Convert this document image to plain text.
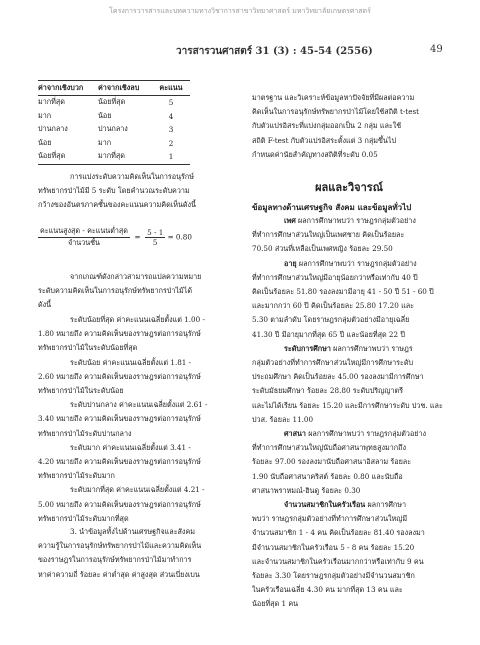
โครงการวารสารและบทความทางวิชาการสาขาวิทยาศาสตร์ มหาวิทยาลัยเกษตรศาสตร์
วารสารวนศาสตร์ 31 (3) : 45-54 (2556)	49
ค่าจากเชิงบวก	ค่าจากเชิงลบ	คะแนน
มากที่สุด	น้อยที่สุด	5
มาก	น้อย	4
ปานกลาง	ปานกลาง	3
น้อย	มาก	2
น้อยที่สุด	มากที่สุด	1
การแบ่งระดับความคิดเห็นในการอนุรักษ์
ทรัพยากรป่าไม้มี 5 ระดับ โดยคำนวณระดับความ
กว้างของอันตรภาคชั้นของคะแนนความคิดเห็นดังนี้
$\frac{\text{คะแนนสูงสุด - คะแนนต่ำสุด}}{\text{จำนวนชั้น}} = \frac{5 - 1}{5} = 0.80$
จากเกณฑ์ดังกล่าวสามารถแปลความหมาย
ระดับความคิดเห็นในการอนุรักษ์ทรัพยากรป่าไม้ได้
ดังนี้
ระดับน้อยที่สุด ค่าคะแนนเฉลี่ยตั้งแต่ 1.00 -
1.80 หมายถึง ความคิดเห็นของราษฎรต่อการอนุรักษ์
ทรัพยากรป่าไม้ในระดับน้อยที่สุด
ระดับน้อย ค่าคะแนนเฉลี่ยตั้งแต่ 1.81 -
2.60 หมายถึง ความคิดเห็นของราษฎรต่อการอนุรักษ์
ทรัพยากรป่าไม้ในระดับน้อย
ระดับปานกลาง ค่าคะแนนเฉลี่ยตั้งแต่ 2.61 -
3.40 หมายถึง ความคิดเห็นของราษฎรต่อการอนุรักษ์
ทรัพยากรป่าไม้ระดับปานกลาง
ระดับมาก ค่าคะแนนเฉลี่ยตั้งแต่ 3.41 -
4.20 หมายถึง ความคิดเห็นของราษฎรต่อการอนุรักษ์
ทรัพยากรป่าไม้ระดับมาก
ระดับมากที่สุด ค่าคะแนนเฉลี่ยตั้งแต่ 4.21 -
5.00 หมายถึง ความคิดเห็นของราษฎรต่อการอนุรักษ์
ทรัพยากรป่าไม้ระดับมากที่สุด
3. นำข้อมูลทั้งไปด้านเศรษฐกิจและสังคม
ความรู้ในการอนุรักษ์ทรัพยากรป่าไม้และความคิดเห็น
ของราษฎรในการอนุรักษ์ทรัพยากรป่าไม้มาทำการ
หาค่าความถี่ ร้อยละ ค่าต่ำสุด ค่าสูงสุด ส่วนเบี่ยงเบน
มาตรฐาน และวิเคราะห์ข้อมูลหาปัจจัยที่มีผลต่อความ
คิดเห็นในการอนุรักษ์ทรัพยากรป่าไม้โดยใช้สถิติ t-test
กับตัวแปรอิสระที่แบ่งกลุ่มออกเป็น 2 กลุ่ม และใช้
สถิติ F-test กับตัวแปรอิสระตั้งแต่ 3 กลุ่มขึ้นไป
กำหนดค่านัยสำคัญทางสถิติที่ระดับ 0.05
ผลและวิจารณ์
ข้อมูลทางด้านเศรษฐกิจ สังคม และข้อมูลทั่วไป
เพศ ผลการศึกษาพบว่า ราษฎรกลุ่มตัวอย่าง
ที่ทำการศึกษาส่วนใหญ่เป็นเพศชาย คิดเป็นร้อยละ
70.50 ส่วนที่เหลือเป็นเพศหญิง ร้อยละ 29.50
อายุ ผลการศึกษาพบว่า ราษฎรกลุ่มตัวอย่าง
ที่ทำการศึกษาส่วนใหญ่มีอายุน้อยกว่าหรือเท่ากับ 40 ปี
คิดเป็นร้อยละ 51.80 รองลงมามีอายุ 41 - 50 ปี 51 - 60 ปี
และมากกว่า 60 ปี คิดเป็นร้อยละ 25.80 17.20 และ
5.30 ตามลำดับ โดยราษฎรกลุ่มตัวอย่างมีอายุเฉลี่ย
41.30 ปี มีอายุมากที่สุด 65 ปี และน้อยที่สุด 22 ปี
ระดับการศึกษา ผลการศึกษาพบว่า ราษฎร
กลุ่มตัวอย่างที่ทำการศึกษาส่วนใหญ่มีการศึกษาระดับ
ประถมศึกษา คิดเป็นร้อยละ 45.00 รองลงมามีการศึกษา
ระดับมัธยมศึกษา ร้อยละ 28.80 ระดับปริญญาตรี
และไม่ได้เรียน ร้อยละ 15.20 และมีการศึกษาระดับ ปวช. และ
ปวส. ร้อยละ 11.00
ศาสนา ผลการศึกษาพบว่า ราษฎรกลุ่มตัวอย่าง
ที่ทำการศึกษาส่วนใหญ่นับถือศาสนาพุทธสูงมากถึง
ร้อยละ 97.00 รองลงมานับถือศาสนาอิสลาม ร้อยละ
1.90 นับถือศาสนาคริสต์ ร้อยละ 0.80 และนับถือ
ศาสนาพราหมณ์-ฮินดู ร้อยละ 0.30
จำนวนสมาชิกในครัวเรือน ผลการศึกษา
พบว่า ราษฎรกลุ่มตัวอย่างที่ทำการศึกษาส่วนใหญ่มี
จำนวนสมาชิก 1 - 4 คน คิดเป็นร้อยละ 81.40 รองลงมา
มีจำนวนสมาชิกในครัวเรือน 5 - 8 คน ร้อยละ 15.20
และจำนวนสมาชิกในครัวเรือนมากกว่าหรือเท่ากับ 9 คน
ร้อยละ 3.30 โดยราษฎรกลุ่มตัวอย่างมีจำนวนสมาชิก
ในครัวเรือนเฉลี่ย 4.30 คน มากที่สุด 13 คน และ
น้อยที่สุด 1 คน
